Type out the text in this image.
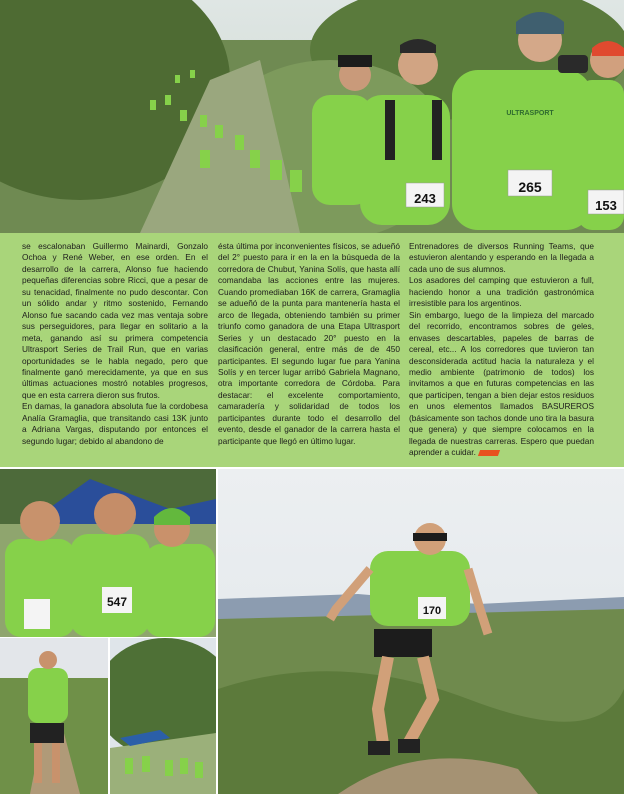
265
243	153
ULTRASPORT

se escalonaban Guillermo Mainardi, Gonzalo Ochoa y René Weber, en ese orden. En el desarrollo de la carrera, Alonso fue haciendo pequeñas diferencias sobre Ricci, que a pesar de su tenacidad, finalmente no pudo descontar. Con un sólido andar y ritmo sostenido, Fernando Alonso fue sacando cada vez mas ventaja sobre sus perseguidores, para llegar en solitario a la meta, ganando así su primera competencia Ultrasport Series de Trail Run, que en varias oportunidades se le habla negado, pero que finalmente ganó merecidamente, ya que en sus últimas actuaciones mostró notables progresos, que en esta carrera dieron sus frutos.

En damas, la ganadora absoluta fue la cordobesa Analía Gramaglia, que transitando casi 13K junto a Adriana Vargas, disputando por entonces el segundo lugar; debido al abandono de

ésta última por inconvenientes físicos, se adueñó del 2° puesto para ir en la en la búsqueda de la corredora de Chubut, Yanina Solís, que hasta allí comandaba las acciones entre las mujeres. Cuando promediaban 16K de carrera, Gramaglia se adueñó de la punta para mantenería hasta el arco de llegada, obteniendo también su primer triunfo como ganadora de una Etapa Ultrasport Series y un destacado 20° puesto en la clasificación general, entre más de de 450 participantes. El segundo lugar fue para Yanina Solís y en tercer lugar arribó Gabriela Magnano, otra importante corredora de Córdoba. Para destacar: el excelente comportamiento, camaradería y solidaridad de todos los participantes durante todo el desarrollo del evento, desde el ganador de la carrera hasta el participante que llegó en último lugar.

Entrenadores de diversos Running Teams, que estuvieron alentando y esperando en la llegada a cada uno de sus alumnos.

Los asadores del camping que estuvieron a full, haciendo honor a una tradición gastronómica irresistible para los argentinos.

Sin embargo, luego de la limpieza del marcado del recorrido, encontramos sobres de geles, envases descartables, papeles de barras de cereal, etc... A los corredores que tuvieron tan desconsiderada actitud hacia la naturaleza y el medio ambiente (patrimonio de todos) los invitamos a que en futuras competencias en las que participen, tengan a bien dejar estos residuos en unos elementos llamados BASUREROS (básicamente son tachos donde uno tira la basura que genera) y que siempre colocamos en la llegada de nuestras carreras. Espero que puedan aprender a cuidar.

547
170
